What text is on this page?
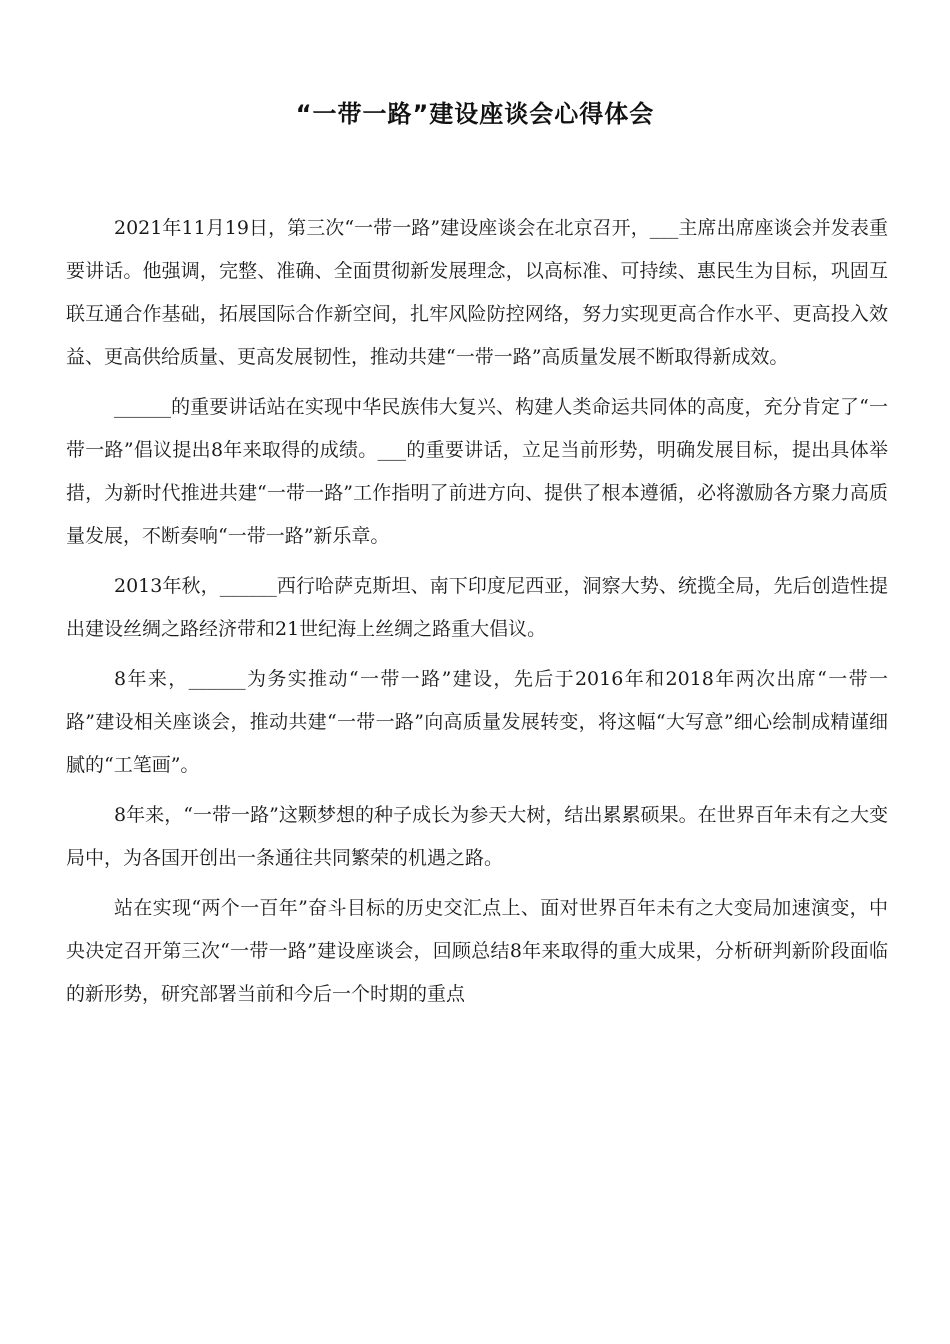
“一带一路”建设座谈会心得体会

2021年11月19日，第三次“一带一路”建设座谈会在北京召开，___主席出席座谈会并发表重要讲话。他强调，完整、准确、全面贯彻新发展理念，以高标准、可持续、惠民生为目标，巩固互联互通合作基础，拓展国际合作新空间，扎牢风险防控网络，努力实现更高合作水平、更高投入效益、更高供给质量、更高发展韧性，推动共建“一带一路”高质量发展不断取得新成效。

______的重要讲话站在实现中华民族伟大复兴、构建人类命运共同体的高度，充分肯定了“一带一路”倡议提出8年来取得的成绩。___的重要讲话，立足当前形势，明确发展目标，提出具体举措，为新时代推进共建“一带一路”工作指明了前进方向、提供了根本遵循，必将激励各方聚力高质量发展，不断奏响“一带一路”新乐章。

2013年秋，______西行哈萨克斯坦、南下印度尼西亚，洞察大势、统揽全局，先后创造性提出建设丝绸之路经济带和21世纪海上丝绸之路重大倡议。

8年来，______为务实推动“一带一路”建设，先后于2016年和2018年两次出席“一带一路”建设相关座谈会，推动共建“一带一路”向高质量发展转变，将这幅“大写意”细心绘制成精谨细腻的“工笔画”。

8年来，“一带一路”这颗梦想的种子成长为参天大树，结出累累硕果。在世界百年未有之大变局中，为各国开创出一条通往共同繁荣的机遇之路。

站在实现“两个一百年”奋斗目标的历史交汇点上、面对世界百年未有之大变局加速演变，中央决定召开第三次“一带一路”建设座谈会，回顾总结8年来取得的重大成果，分析研判新阶段面临的新形势，研究部署当前和今后一个时期的重点
